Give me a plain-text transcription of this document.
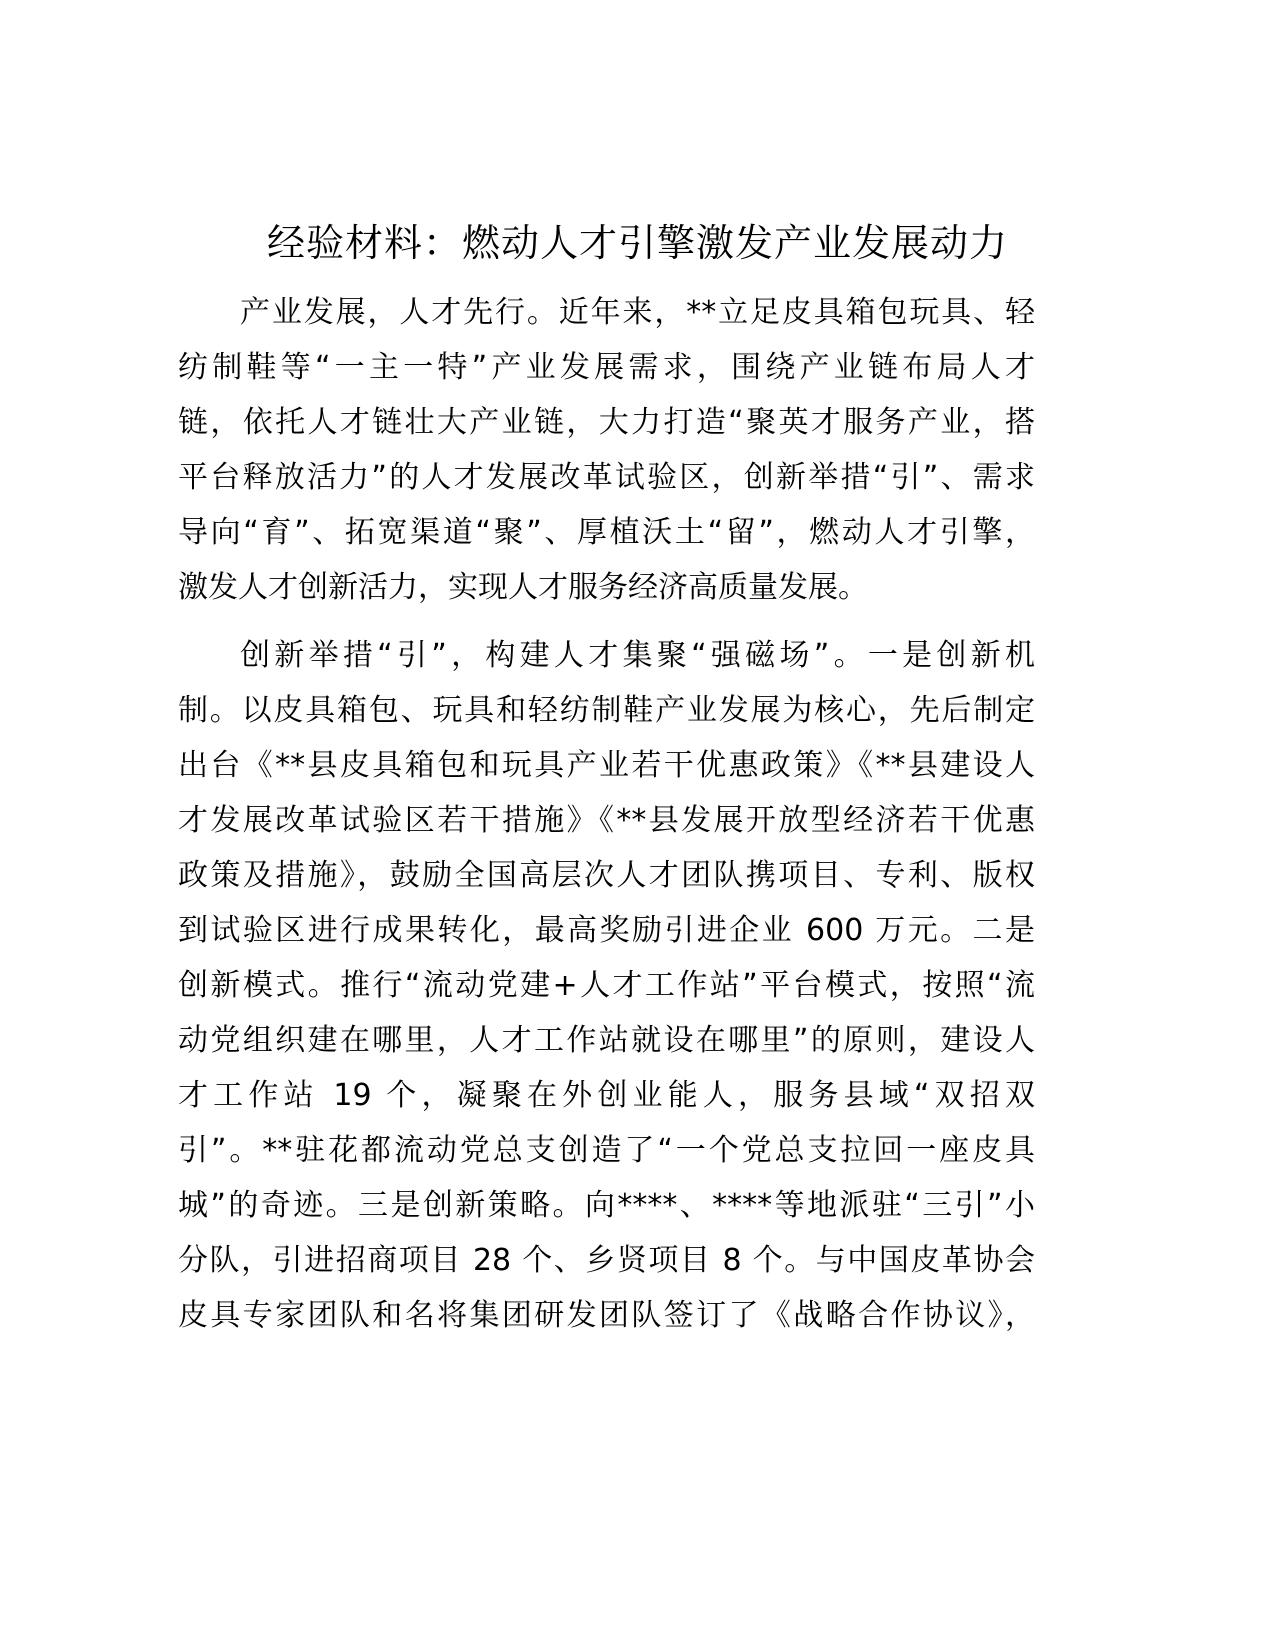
经验材料：燃动人才引擎激发产业发展动力
产业发展，人才先行。近年来，**立足皮具箱包玩具、轻
纺制鞋等“一主一特”产业发展需求，围绕产业链布局人才
链，依托人才链壮大产业链，大力打造“聚英才服务产业，搭
平台释放活力”的人才发展改革试验区，创新举措“引”、需求
导向“育”、拓宽渠道“聚”、厚植沃土“留”，燃动人才引擎，
激发人才创新活力，实现人才服务经济高质量发展。
创新举措“引”，构建人才集聚“强磁场”。一是创新机
制。以皮具箱包、玩具和轻纺制鞋产业发展为核心，先后制定
出台《**县皮具箱包和玩具产业若干优惠政策》《**县建设人
才发展改革试验区若干措施》《**县发展开放型经济若干优惠
政策及措施》，鼓励全国高层次人才团队携项目、专利、版权
到试验区进行成果转化，最高奖励引进企业 600 万元。二是
创新模式。推行“流动党建+人才工作站”平台模式，按照“流
动党组织建在哪里，人才工作站就设在哪里”的原则，建设人
才工作站 19 个，凝聚在外创业能人，服务县域“双招双
引”。**驻花都流动党总支创造了“一个党总支拉回一座皮具
城”的奇迹。三是创新策略。向****、****等地派驻“三引”小
分队，引进招商项目 28 个、乡贤项目 8 个。与中国皮革协会
皮具专家团队和名将集团研发团队签订了《战略合作协议》，
